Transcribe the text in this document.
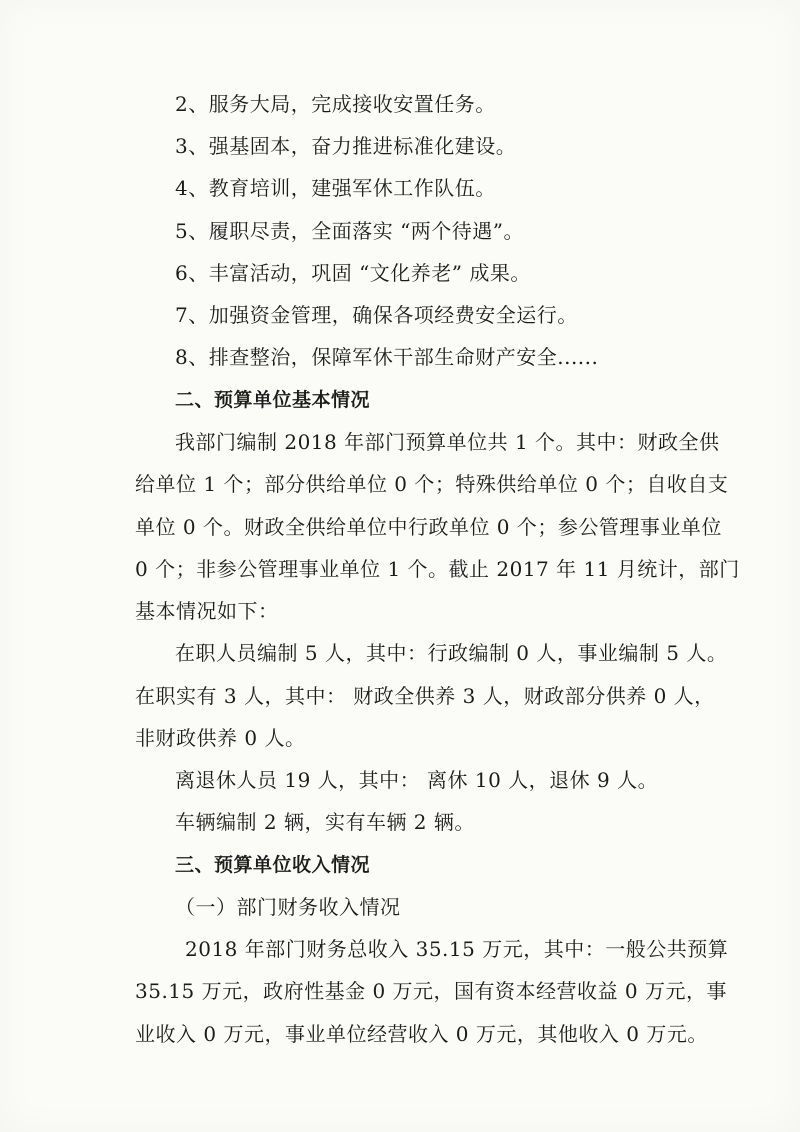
2、服务大局，完成接收安置任务。
3、强基固本，奋力推进标准化建设。
4、教育培训，建强军休工作队伍。
5、履职尽责，全面落实 “两个待遇”。
6、丰富活动，巩固 “文化养老” 成果。
7、加强资金管理，确保各项经费安全运行。
8、排查整治，保障军休干部生命财产安全......
二、预算单位基本情况
我部门编制 2018 年部门预算单位共 1 个。其中：财政全供
给单位 1 个；部分供给单位 0 个；特殊供给单位 0 个；自收自支
单位 0 个。财政全供给单位中行政单位 0 个；参公管理事业单位
0 个；非参公管理事业单位 1 个。截止 2017 年 11 月统计，部门
基本情况如下：
在职人员编制 5 人，其中：行政编制 0 人，事业编制 5 人。
在职实有 3 人，其中： 财政全供养 3 人，财政部分供养 0 人，
非财政供养 0 人。
离退休人员 19 人，其中： 离休 10 人，退休 9 人。
车辆编制 2 辆，实有车辆 2 辆。
三、预算单位收入情况
（一）部门财务收入情况
2018 年部门财务总收入 35.15 万元，其中：一般公共预算
35.15 万元，政府性基金 0 万元，国有资本经营收益 0 万元，事
业收入 0 万元，事业单位经营收入 0 万元，其他收入 0 万元。
